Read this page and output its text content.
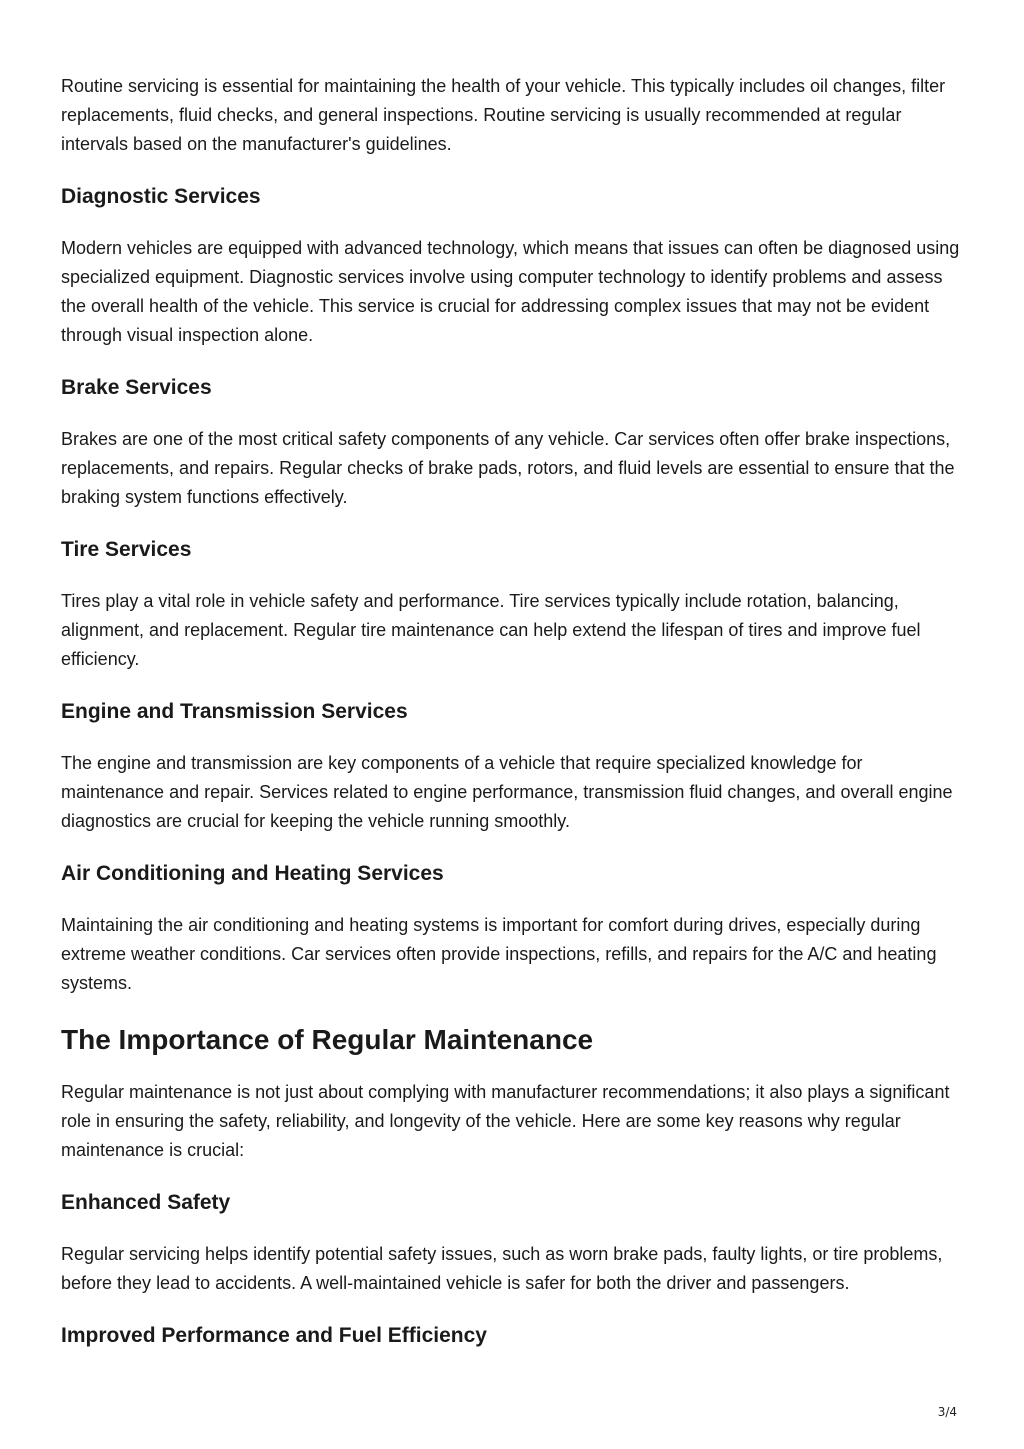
Routine servicing is essential for maintaining the health of your vehicle. This typically includes oil changes, filter replacements, fluid checks, and general inspections. Routine servicing is usually recommended at regular intervals based on the manufacturer's guidelines.

Diagnostic Services

Modern vehicles are equipped with advanced technology, which means that issues can often be diagnosed using specialized equipment. Diagnostic services involve using computer technology to identify problems and assess the overall health of the vehicle. This service is crucial for addressing complex issues that may not be evident through visual inspection alone.

Brake Services

Brakes are one of the most critical safety components of any vehicle. Car services often offer brake inspections, replacements, and repairs. Regular checks of brake pads, rotors, and fluid levels are essential to ensure that the braking system functions effectively.

Tire Services

Tires play a vital role in vehicle safety and performance. Tire services typically include rotation, balancing, alignment, and replacement. Regular tire maintenance can help extend the lifespan of tires and improve fuel efficiency.

Engine and Transmission Services

The engine and transmission are key components of a vehicle that require specialized knowledge for maintenance and repair. Services related to engine performance, transmission fluid changes, and overall engine diagnostics are crucial for keeping the vehicle running smoothly.

Air Conditioning and Heating Services

Maintaining the air conditioning and heating systems is important for comfort during drives, especially during extreme weather conditions. Car services often provide inspections, refills, and repairs for the A/C and heating systems.

The Importance of Regular Maintenance

Regular maintenance is not just about complying with manufacturer recommendations; it also plays a significant role in ensuring the safety, reliability, and longevity of the vehicle. Here are some key reasons why regular maintenance is crucial:

Enhanced Safety

Regular servicing helps identify potential safety issues, such as worn brake pads, faulty lights, or tire problems, before they lead to accidents. A well-maintained vehicle is safer for both the driver and passengers.

Improved Performance and Fuel Efficiency
3/4
